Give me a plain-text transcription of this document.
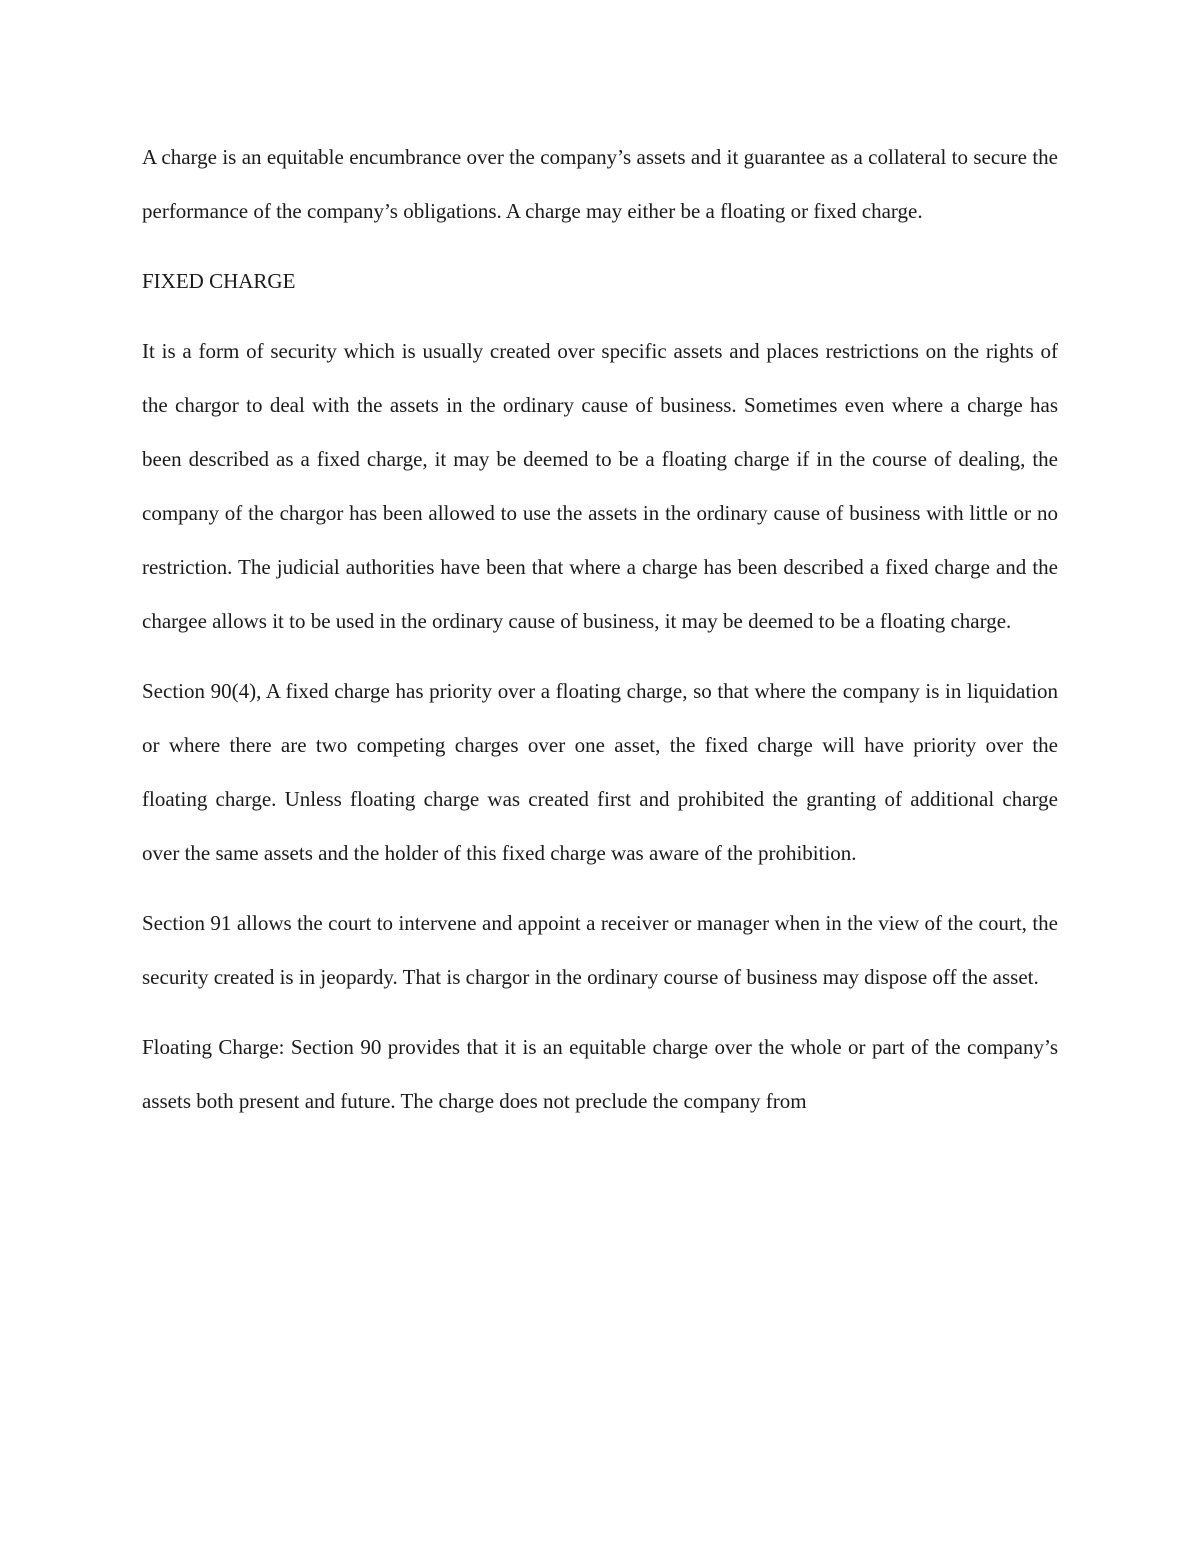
A charge is an equitable encumbrance over the company’s assets and it guarantee as a collateral to secure the performance of the company’s obligations. A charge may either be a floating or fixed charge.

FIXED CHARGE

It is a form of security which is usually created over specific assets and places restrictions on the rights of the chargor to deal with the assets in the ordinary cause of business. Sometimes even where a charge has been described as a fixed charge, it may be deemed to be a floating charge if in the course of dealing, the company of the chargor has been allowed to use the assets in the ordinary cause of business with little or no restriction. The judicial authorities have been that where a charge has been described a fixed charge and the chargee allows it to be used in the ordinary cause of business, it may be deemed to be a floating charge.

Section 90(4), A fixed charge has priority over a floating charge, so that where the company is in liquidation or where there are two competing charges over one asset, the fixed charge will have priority over the floating charge. Unless floating charge was created first and prohibited the granting of additional charge over the same assets and the holder of this fixed charge was aware of the prohibition.

Section 91 allows the court to intervene and appoint a receiver or manager when in the view of the court, the security created is in jeopardy. That is chargor in the ordinary course of business may dispose off the asset.

Floating Charge: Section 90 provides that it is an equitable charge over the whole or part of the company’s assets both present and future. The charge does not preclude the company from
